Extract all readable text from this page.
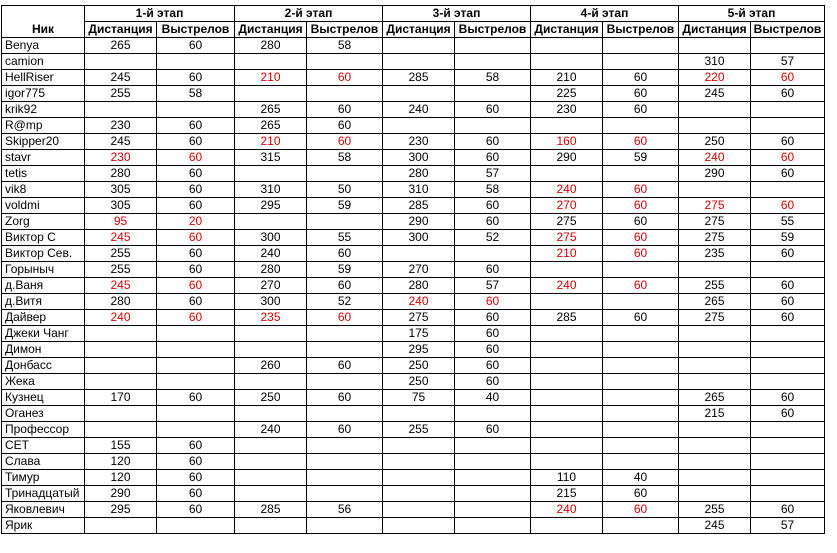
Ник	1-й этап		2-й этап		3-й этап		4-й этап		5-й этап	
	Дистанция	Выстрелов	Дистанция	Выстрелов	Дистанция	Выстрелов	Дистанция	Выстрелов	Дистанция	Выстрелов
Benya	265	60	280	58						
camion									310	57
HellRiser	245	60	210	60	285	58	210	60	220	60
igor775	255	58					225	60	245	60
krik92			265	60	240	60	230	60		
R@mp	230	60	265	60						
Skipper20	245	60	210	60	230	60	160	60	250	60
stavr	230	60	315	58	300	60	290	59	240	60
tetis	280	60			280	57			290	60
vik8	305	60	310	50	310	58	240	60		
voldmi	305	60	295	59	285	60	270	60	275	60
Zorg	95	20			290	60	275	60	275	55
Виктор С	245	60	300	55	300	52	275	60	275	59
Виктор Сев.	255	60	240	60			210	60	235	60
Горыныч	255	60	280	59	270	60				
д.Ваня	245	60	270	60	280	57	240	60	255	60
д.Витя	280	60	300	52	240	60			265	60
Дайвер	240	60	235	60	275	60	285	60	275	60
Джеки Чанг					175	60				
Димон					295	60				
Донбасс			260	60	250	60				
Жека					250	60				
Кузнец	170	60	250	60	75	40			265	60
Оганез									215	60
Профессор			240	60	255	60				
СЕТ	155	60								
Слава	120	60								
Тимур	120	60					110	40		
Тринадцатый	290	60					215	60		
Яковлевич	295	60	285	56			240	60	255	60
Ярик									245	57
